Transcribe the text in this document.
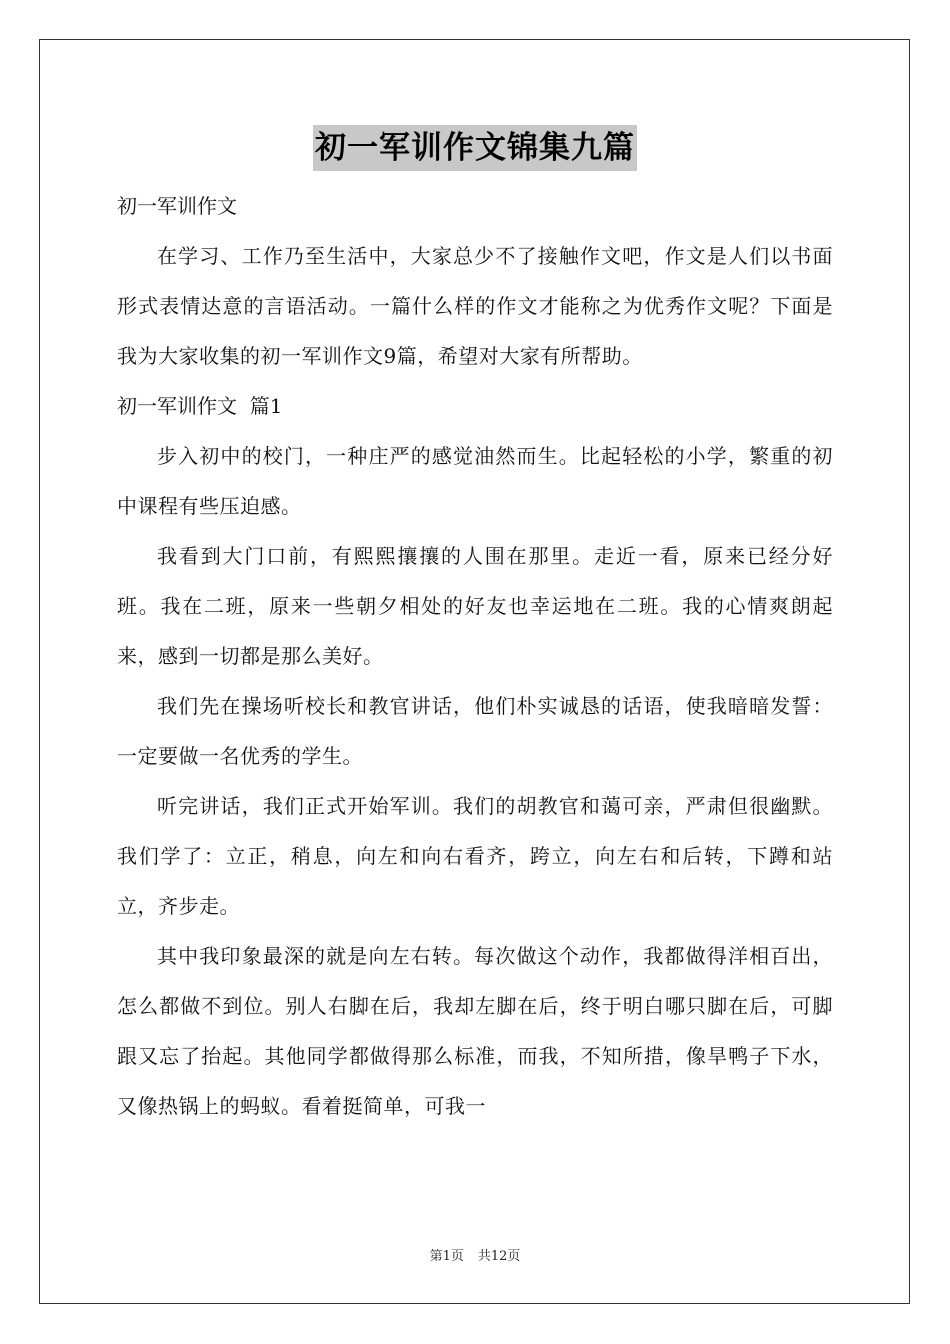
初一军训作文锦集九篇

初一军训作文

在学习、工作乃至生活中，大家总少不了接触作文吧，作文是人们以书面形式表情达意的言语活动。一篇什么样的作文才能称之为优秀作文呢？下面是我为大家收集的初一军训作文9篇，希望对大家有所帮助。

初一军训作文  篇1

步入初中的校门，一种庄严的感觉油然而生。比起轻松的小学，繁重的初中课程有些压迫感。

我看到大门口前，有熙熙攘攘的人围在那里。走近一看，原来已经分好班。我在二班，原来一些朝夕相处的好友也幸运地在二班。我的心情爽朗起来，感到一切都是那么美好。

我们先在操场听校长和教官讲话，他们朴实诚恳的话语，使我暗暗发誓：一定要做一名优秀的学生。

听完讲话，我们正式开始军训。我们的胡教官和蔼可亲，严肃但很幽默。我们学了：立正，稍息，向左和向右看齐，跨立，向左右和后转，下蹲和站立，齐步走。

其中我印象最深的就是向左右转。每次做这个动作，我都做得洋相百出，怎么都做不到位。别人右脚在后，我却左脚在后，终于明白哪只脚在后，可脚跟又忘了抬起。其他同学都做得那么标准，而我，不知所措，像旱鸭子下水，又像热锅上的蚂蚁。看着挺简单，可我一

第1页 共12页
